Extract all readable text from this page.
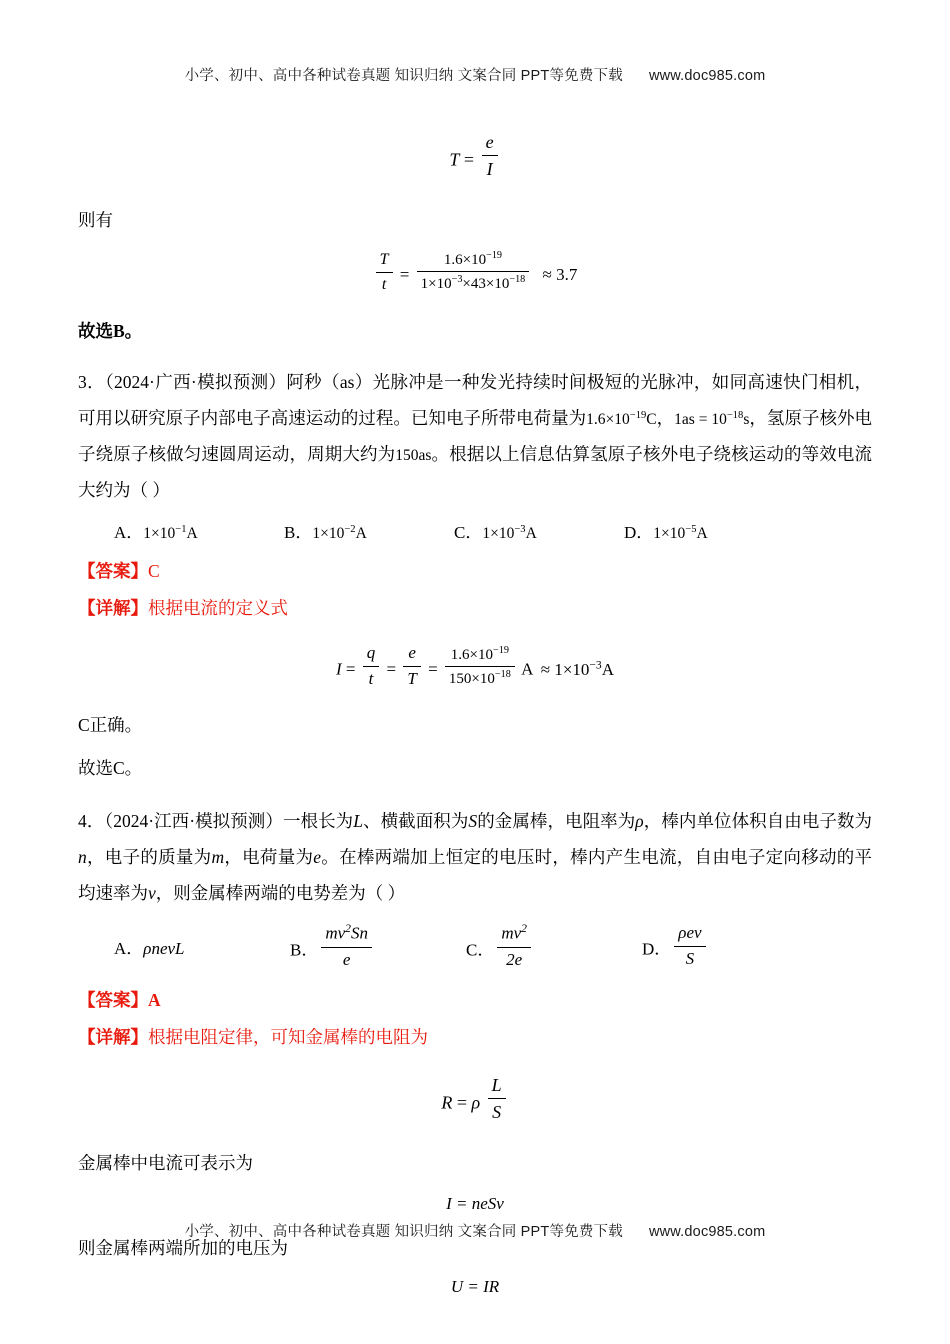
小学、初中、高中各种试卷真题 知识归纳 文案合同 PPT等免费下载 www.doc985.com
$T = \frac{e}{I}$
则有
$\frac{T}{t} = \frac{1.6\times 10^{-19}}{1\times 10^{-3}\times 43\times 10^{-18}} \approx 3.7$
故选B。
3．（2024·广西·模拟预测）阿秒（as）光脉冲是一种发光持续时间极短的光脉冲，如同高速快门相机，可用以研究原子内部电子高速运动的过程。已知电子所带电荷量为$1.6\times 10^{-19}C$，$1as = 10^{-18}s$，氢原子核外电子绕原子核做匀速圆周运动，周期大约为150as。根据以上信息估算氢原子核外电子绕核运动的等效电流大约为（ ）
A．$1\times 10^{-1}A$	B．$1\times 10^{-2}A$	C．$1\times 10^{-3}A$	D．$1\times 10^{-5}A$
【答案】C
【详解】根据电流的定义式
$I = \frac{q}{t} = \frac{e}{T} = \frac{1.6\times 10^{-19}}{150\times 10^{-18}}$ $A \approx 1\times 10^{-3}A$
C正确。
故选C。
4．（2024·江西·模拟预测）一根长为L、横截面积为S的金属棒，电阻率为ρ，棒内单位体积自由电子数为n，电子的质量为m，电荷量为e。在棒两端加上恒定的电压时，棒内产生电流，自由电子定向移动的平均速率为v，则金属棒两端的电势差为（ ）
A．ρnevL	B． $\frac{mv^2Sn}{e}$	C． $\frac{mv^2}{2e}$	D． $\frac{\text{ρev}}{S}$
【答案】A
【详解】根据电阻定律，可知金属棒的电阻为
R = ρ $\frac{L}{S}$
金属棒中电流可表示为
I = neSv
则金属棒两端所加的电压为
U = IR
小学、初中、高中各种试卷真题 知识归纳 文案合同 PPT等免费下载 www.doc985.com
